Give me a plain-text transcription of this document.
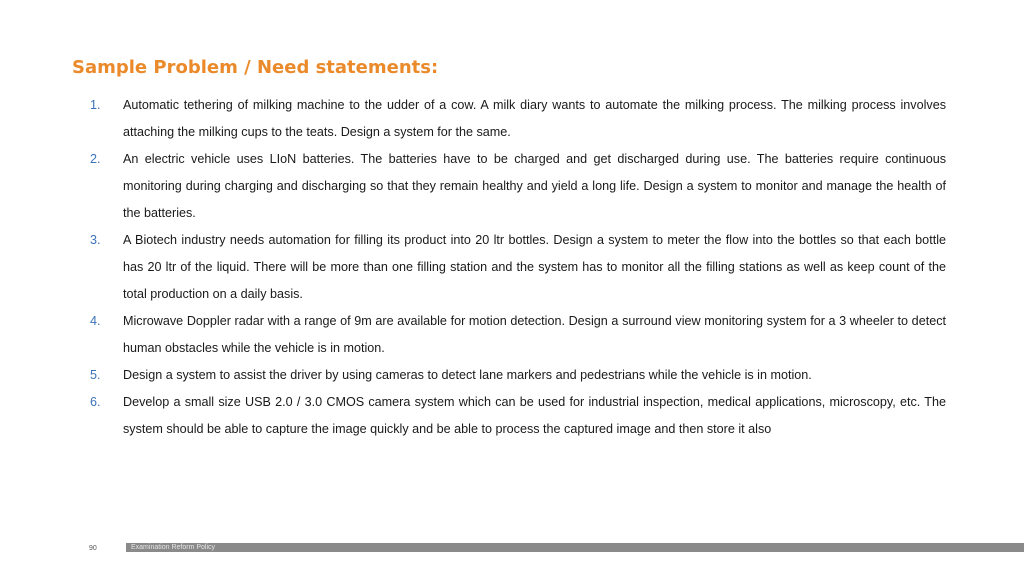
Sample Problem / Need statements:
1.	Automatic tethering of milking machine to the udder of a cow. A milk diary wants to automate the milking process. The milking process involves attaching the milking cups to the teats. Design a system for the same.
2.	An electric vehicle uses LIoN batteries. The batteries have to be charged and get discharged during use. The batteries require continuous monitoring during charging and discharging so that they remain healthy and yield a long life. Design a system to monitor and manage the health of the batteries.
3.	A Biotech industry needs automation for filling its product into 20 ltr bottles. Design a system to meter the flow into the bottles so that each bottle has 20 ltr of the liquid. There will be more than one filling station and the system has to monitor all the filling stations as well as keep count of the total production on a daily basis.
4.	Microwave Doppler radar with a range of 9m are available for motion detection. Design a surround view monitoring system for a 3 wheeler to detect human obstacles while the vehicle is in motion.
5.	Design a system to assist the driver by using cameras to detect lane markers and pedestrians while the vehicle is in motion.
6.	Develop a small size USB 2.0 / 3.0 CMOS camera system which can be used for industrial inspection, medical applications, microscopy, etc. The system should be able to capture the image quickly and be able to process the captured image and then store it also
90	Examination Reform Policy
